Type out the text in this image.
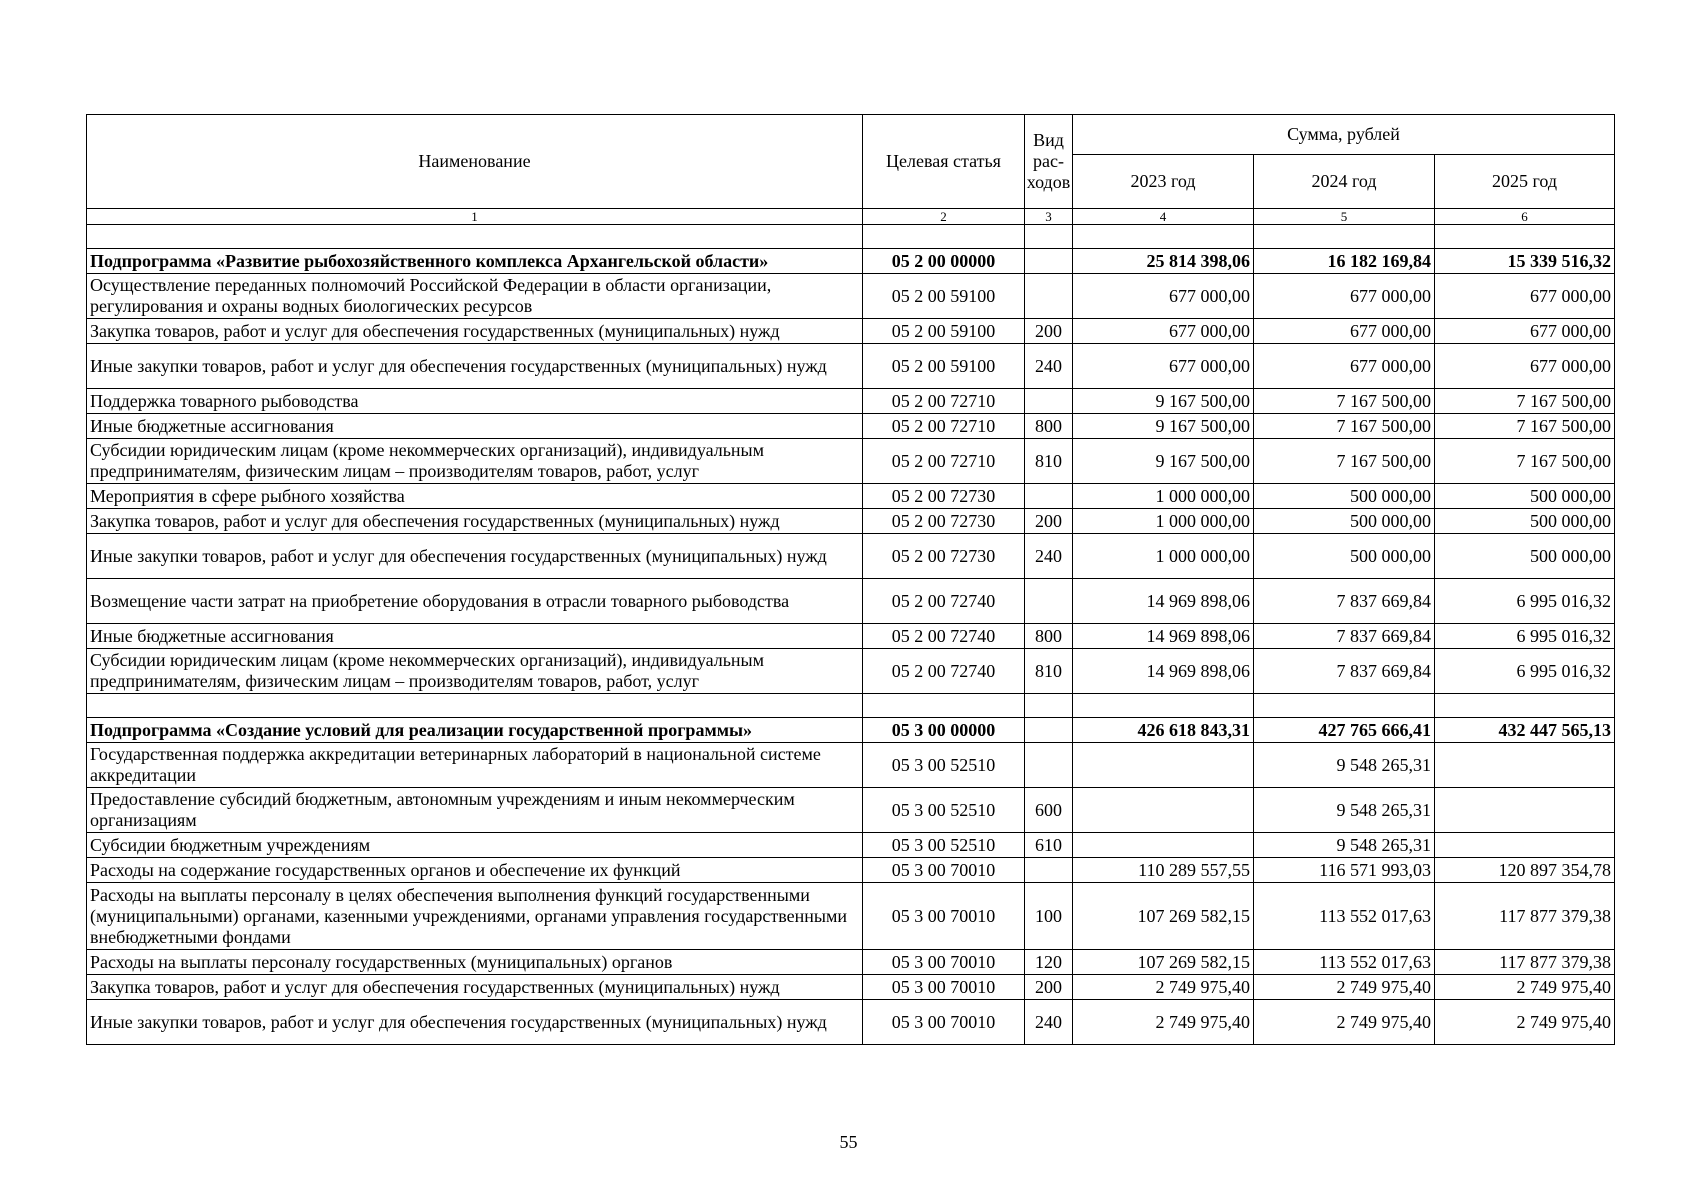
Наименование	Целевая статья	Вид рас-ходов	Сумма, рублей		
			2023 год	2024 год	2025 год
1	2	3	4	5	6

Подпрограмма «Развитие рыбохозяйственного комплекса Архангельской области»	05 2 00 00000		25 814 398,06	16 182 169,84	15 339 516,32
Осуществление переданных полномочий Российской Федерации в области организации, регулирования и охраны водных биологических ресурсов	05 2 00 59100		677 000,00	677 000,00	677 000,00
Закупка товаров, работ и услуг для обеспечения государственных (муниципальных) нужд	05 2 00 59100	200	677 000,00	677 000,00	677 000,00
Иные закупки товаров, работ и услуг для обеспечения государственных (муниципальных) нужд	05 2 00 59100	240	677 000,00	677 000,00	677 000,00
Поддержка товарного рыбоводства	05 2 00 72710		9 167 500,00	7 167 500,00	7 167 500,00
Иные бюджетные ассигнования	05 2 00 72710	800	9 167 500,00	7 167 500,00	7 167 500,00
Субсидии юридическим лицам (кроме некоммерческих организаций), индивидуальным предпринимателям, физическим лицам – производителям товаров, работ, услуг	05 2 00 72710	810	9 167 500,00	7 167 500,00	7 167 500,00
Мероприятия в сфере рыбного хозяйства	05 2 00 72730		1 000 000,00	500 000,00	500 000,00
Закупка товаров, работ и услуг для обеспечения государственных (муниципальных) нужд	05 2 00 72730	200	1 000 000,00	500 000,00	500 000,00
Иные закупки товаров, работ и услуг для обеспечения государственных (муниципальных) нужд	05 2 00 72730	240	1 000 000,00	500 000,00	500 000,00
Возмещение части затрат на приобретение оборудования в отрасли товарного рыбоводства	05 2 00 72740		14 969 898,06	7 837 669,84	6 995 016,32
Иные бюджетные ассигнования	05 2 00 72740	800	14 969 898,06	7 837 669,84	6 995 016,32
Субсидии юридическим лицам (кроме некоммерческих организаций), индивидуальным предпринимателям, физическим лицам – производителям товаров, работ, услуг	05 2 00 72740	810	14 969 898,06	7 837 669,84	6 995 016,32

Подпрограмма «Создание условий для реализации государственной программы»	05 3 00 00000		426 618 843,31	427 765 666,41	432 447 565,13
Государственная поддержка аккредитации ветеринарных лабораторий в национальной системе аккредитации	05 3 00 52510			9 548 265,31	
Предоставление субсидий бюджетным, автономным учреждениям и иным некоммерческим организациям	05 3 00 52510	600		9 548 265,31	
Субсидии бюджетным учреждениям	05 3 00 52510	610		9 548 265,31	
Расходы на содержание государственных органов и обеспечение их функций	05 3 00 70010		110 289 557,55	116 571 993,03	120 897 354,78
Расходы на выплаты персоналу в целях обеспечения выполнения функций государственными (муниципальными) органами, казенными учреждениями, органами управления государственными внебюджетными фондами	05 3 00 70010	100	107 269 582,15	113 552 017,63	117 877 379,38
Расходы на выплаты персоналу государственных (муниципальных) органов	05 3 00 70010	120	107 269 582,15	113 552 017,63	117 877 379,38
Закупка товаров, работ и услуг для обеспечения государственных (муниципальных) нужд	05 3 00 70010	200	2 749 975,40	2 749 975,40	2 749 975,40
Иные закупки товаров, работ и услуг для обеспечения государственных (муниципальных) нужд	05 3 00 70010	240	2 749 975,40	2 749 975,40	2 749 975,40
55
